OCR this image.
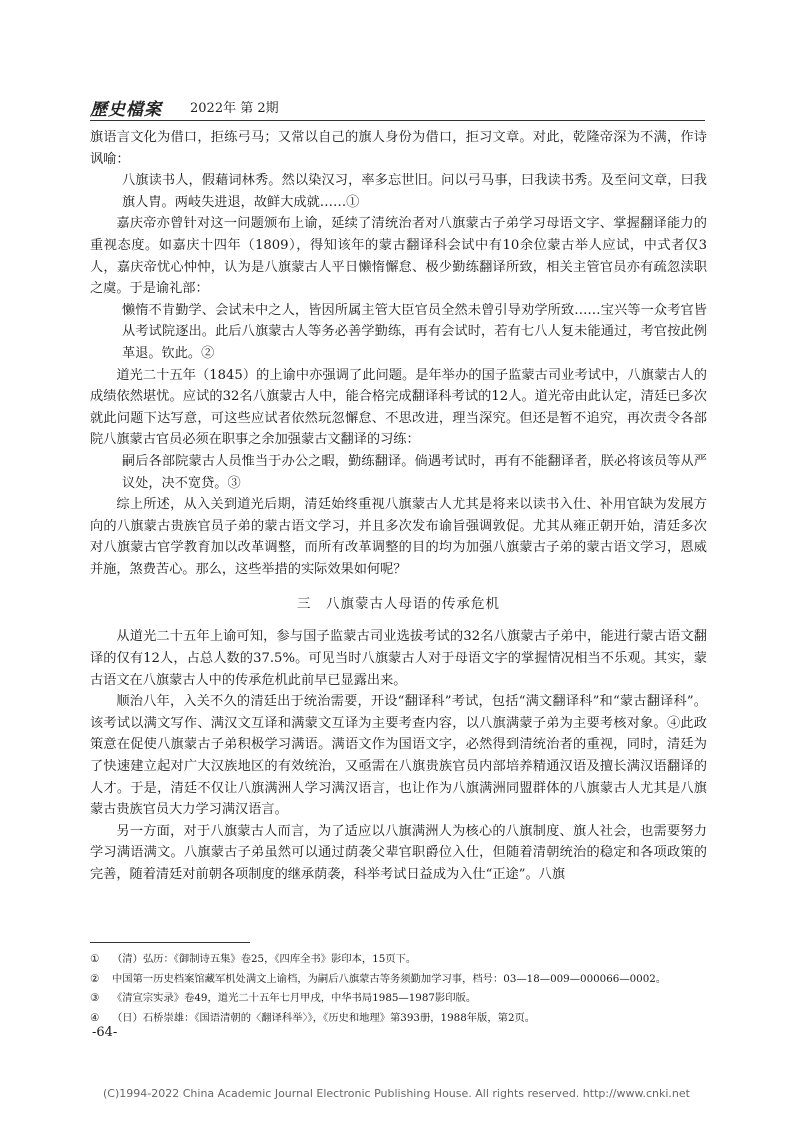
歷史檔案 2022年 第 2期

旗语言文化为借口，拒练弓马；又常以自己的旗人身份为借口，拒习文章。对此，乾隆帝深为不满，作诗讽喻：

八旗读书人，假藉词林秀。然以染汉习，率多忘世旧。问以弓马事，曰我读书秀。及至问文章，曰我旗人胄。两岐失进退，故鲜大成就……①

嘉庆帝亦曾针对这一问题颁布上谕，延续了清统治者对八旗蒙古子弟学习母语文字、掌握翻译能力的重视态度。如嘉庆十四年（1809），得知该年的蒙古翻译科会试中有10余位蒙古举人应试，中式者仅3人，嘉庆帝忧心忡忡，认为是八旗蒙古人平日懒惰懈怠、极少勤练翻译所致，相关主管官员亦有疏忽渎职之虞。于是谕礼部：

懒惰不肯勤学、会试未中之人，皆因所属主管大臣官员全然未曾引导劝学所致……宝兴等一众考官皆从考试院逐出。此后八旗蒙古人等务必善学勤练，再有会试时，若有七八人复未能通过，考官按此例革退。钦此。②

道光二十五年（1845）的上谕中亦强调了此问题。是年举办的国子监蒙古司业考试中，八旗蒙古人的成绩依然堪忧。应试的32名八旗蒙古人中，能合格完成翻译科考试的12人。道光帝由此认定，清廷已多次就此问题下达写意，可这些应试者依然玩忽懈怠、不思改进，理当深究。但还是暂不追究，再次责令各部院八旗蒙古官员必须在职事之余加强蒙古文翻译的习练：

嗣后各部院蒙古人员惟当于办公之暇，勤练翻译。倘遇考试时，再有不能翻译者，朕必将该员等从严议处，决不宽贷。③

综上所述，从入关到道光后期，清廷始终重视八旗蒙古人尤其是将来以读书入仕、补用官缺为发展方向的八旗蒙古贵族官员子弟的蒙古语文学习，并且多次发布谕旨强调敦促。尤其从雍正朝开始，清廷多次对八旗蒙古官学教育加以改革调整，而所有改革调整的目的均为加强八旗蒙古子弟的蒙古语文学习，恩威并施，煞费苦心。那么，这些举措的实际效果如何呢？

三　八旗蒙古人母语的传承危机

从道光二十五年上谕可知，参与国子监蒙古司业选拔考试的32名八旗蒙古子弟中，能进行蒙古语文翻译的仅有12人，占总人数的37.5%。可见当时八旗蒙古人对于母语文字的掌握情况相当不乐观。其实，蒙古语文在八旗蒙古人中的传承危机此前早已显露出来。

顺治八年，入关不久的清廷出于统治需要，开设“翻译科”考试，包括“满文翻译科”和“蒙古翻译科”。该考试以满文写作、满汉文互译和满蒙文互译为主要考查内容，以八旗满蒙子弟为主要考核对象。④此政策意在促使八旗蒙古子弟积极学习满语。满语文作为国语文字，必然得到清统治者的重视，同时，清廷为了快速建立起对广大汉族地区的有效统治，又亟需在八旗贵族官员内部培养精通汉语及擅长满汉语翻译的人才。于是，清廷不仅让八旗满洲人学习满汉语言，也让作为八旗满洲同盟群体的八旗蒙古人尤其是八旗蒙古贵族官员大力学习满汉语言。

另一方面，对于八旗蒙古人而言，为了适应以八旗满洲人为核心的八旗制度、旗人社会，也需要努力学习满语满文。八旗蒙古子弟虽然可以通过荫袭父辈官职爵位入仕，但随着清朝统治的稳定和各项政策的完善，随着清廷对前朝各项制度的继承荫袭，科举考试日益成为入仕“正途”。八旗

① （清）弘历：《御制诗五集》卷25，《四库全书》影印本，15页下。
② 中国第一历史档案馆藏军机处满文上谕档，为嗣后八旗蒙古等务须勤加学习事，档号：03—18—009—000066—0002。
③ 《清宣宗实录》卷49，道光二十五年七月甲戌，中华书局1985—1987影印版。
④ （日）石桥崇雄：《国语清朝的〈翻译科举〉》，《历史和地理》第393册，1988年版，第2页。
-64-
(C)1994-2022 China Academic Journal Electronic Publishing House. All rights reserved. http://www.cnki.net
